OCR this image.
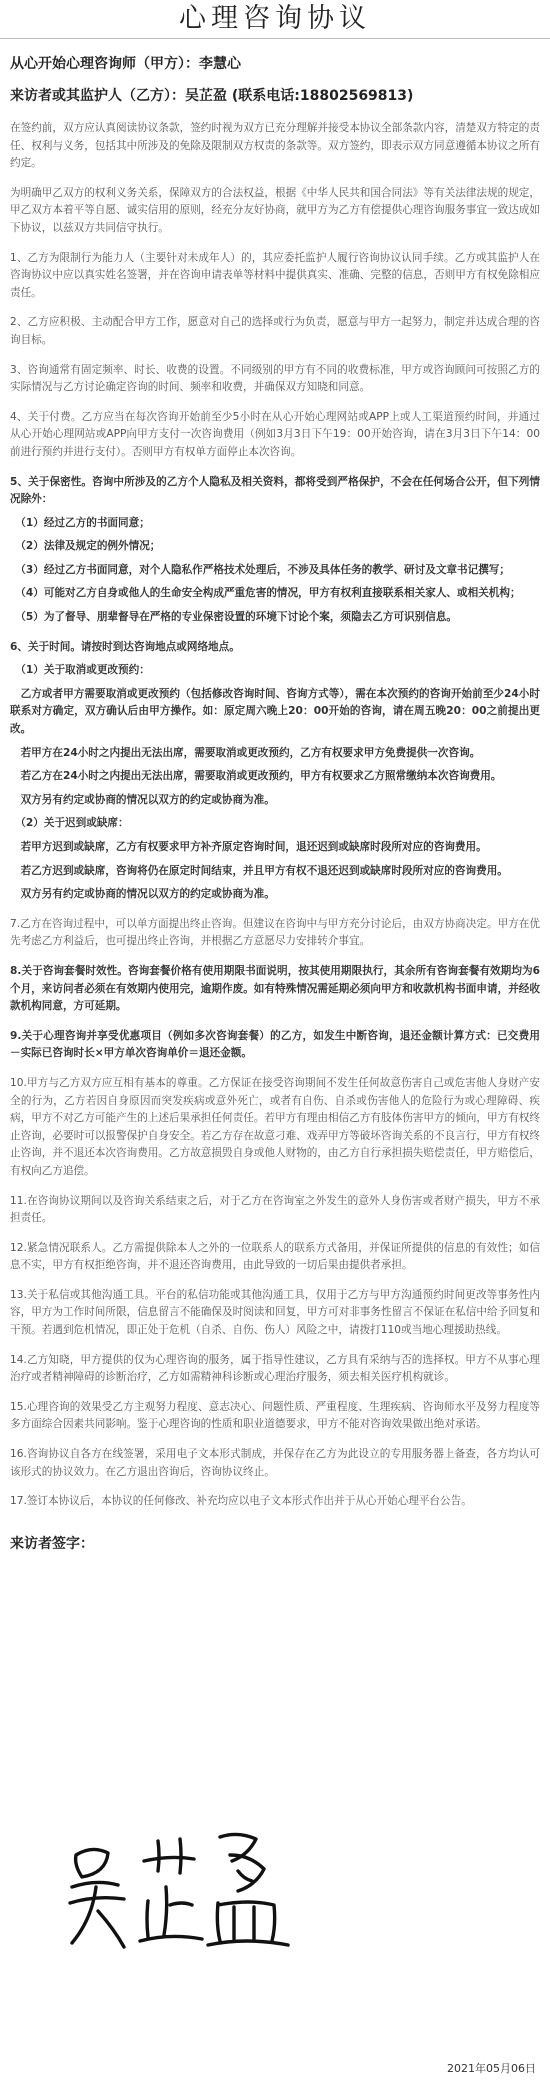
心理咨询协议

从心开始心理咨询师（甲方）：李慧心

来访者或其监护人（乙方）：吴芷盈 (联系电话:18802569813)

在签约前，双方应认真阅读协议条款，签约时视为双方已充分理解并接受本协议全部条款内容，清楚双方特定的责任、权利与义务，包括其中所涉及的免除及限制双方权责的条款等。双方签约，即表示双方同意遵循本协议之所有约定。

为明确甲乙双方的权利义务关系，保障双方的合法权益，根据《中华人民共和国合同法》等有关法律法规的规定，甲乙双方本着平等自愿、诚实信用的原则，经充分友好协商，就甲方为乙方有偿提供心理咨询服务事宜一致达成如下协议，以兹双方共同信守执行。

1、乙方为限制行为能力人（主要针对未成年人）的，其应委托监护人履行咨询协议认同手续。乙方或其监护人在咨询协议中应以真实姓名签署，并在咨询申请表单等材料中提供真实、准确、完整的信息，否则甲方有权免除相应责任。

2、乙方应积极、主动配合甲方工作，愿意对自己的选择或行为负责，愿意与甲方一起努力，制定并达成合理的咨询目标。

3、咨询通常有固定频率、时长、收费的设置。不同级别的甲方有不同的收费标准，甲方或咨询顾问可按照乙方的实际情况与乙方讨论确定咨询的时间、频率和收费，并确保双方知晓和同意。

4、关于付费。乙方应当在每次咨询开始前至少5小时在从心开始心理网站或APP上或人工渠道预约时间，并通过从心开始心理网站或APP向甲方支付一次咨询费用（例如3月3日下午19：00开始咨询，请在3月3日下午14：00前进行预约并进行支付）。否则甲方有权单方面停止本次咨询。

5、关于保密性。咨询中所涉及的乙方个人隐私及相关资料，都将受到严格保护，不会在任何场合公开，但下列情况除外：

　（1）经过乙方的书面同意；

　（2）法律及规定的例外情况；

　（3）经过乙方书面同意，对个人隐私作严格技术处理后，不涉及具体任务的教学、研讨及文章书记撰写；

　（4）可能对乙方自身或他人的生命安全构成严重危害的情况，甲方有权利直接联系相关家人、或相关机构；

　（5）为了督导、朋辈督导在严格的专业保密设置的环境下讨论个案，须隐去乙方可识别信息。

6、关于时间。请按时到达咨询地点或网络地点。

　（1）关于取消或更改预约：

　乙方或者甲方需要取消或更改预约（包括修改咨询时间、咨询方式等），需在本次预约的咨询开始前至少24小时联系对方确定，双方确认后由甲方操作。如：原定周六晚上20：00开始的咨询，请在周五晚20：00之前提出更改。

　若甲方在24小时之内提出无法出席，需要取消或更改预约，乙方有权要求甲方免费提供一次咨询。

　若乙方在24小时之内提出无法出席，需要取消或更改预约，甲方有权要求乙方照常缴纳本次咨询费用。

　双方另有约定或协商的情况以双方的约定或协商为准。

　（2）关于迟到或缺席：

　若甲方迟到或缺席，乙方有权要求甲方补齐原定咨询时间，退还迟到或缺席时段所对应的咨询费用。

　若乙方迟到或缺席，咨询将仍在原定时间结束，并且甲方有权不退还迟到或缺席时段所对应的咨询费用。

　双方另有约定或协商的情况以双方的约定或协商为准。

7.乙方在咨询过程中，可以单方面提出终止咨询。但建议在咨询中与甲方充分讨论后，由双方协商决定。甲方在优先考虑乙方利益后，也可提出终止咨询，并根据乙方意愿尽力安排转介事宜。

8.关于咨询套餐时效性。咨询套餐价格有使用期限书面说明，按其使用期限执行，其余所有咨询套餐有效期均为6个月，来访问者必须在有效期内使用完，逾期作废。如有特殊情况需延期必须向甲方和收款机构书面申请，并经收款机构同意，方可延期。

9.关于心理咨询并享受优惠项目（例如多次咨询套餐）的乙方，如发生中断咨询，退还金额计算方式：已交费用－实际已咨询时长×甲方单次咨询单价＝退还金额。

10.甲方与乙方双方应互相有基本的尊重。乙方保证在接受咨询期间不发生任何故意伤害自己或危害他人身财产安全的行为，乙方若因自身原因而突发疾病或意外死亡，或者有自伤、自杀或伤害他人的危险行为或心理障碍、疾病，甲方不对乙方可能产生的上述后果承担任何责任。若甲方有理由相信乙方有肢体伤害甲方的倾向，甲方有权终止咨询，必要时可以报警保护自身安全。若乙方存在故意刁难、戏弄甲方等破坏咨询关系的不良言行，甲方有权终止咨询，并不退还本次咨询费用。乙方故意损毁自身或他人财物的，由乙方自行承担损失赔偿责任，甲方赔偿后，有权向乙方追偿。

11.在咨询协议期间以及咨询关系结束之后，对于乙方在咨询室之外发生的意外人身伤害或者财产损失，甲方不承担责任。

12.紧急情况联系人。乙方需提供除本人之外的一位联系人的联系方式备用，并保证所提供的信息的有效性；如信息不实，甲方有权拒绝咨询，并不退还咨询费用，由此导致的一切后果由提供者承担。

13.关于私信或其他沟通工具。平台的私信功能或其他沟通工具，仅用于乙方与甲方沟通预约时间更改等事务性内容，甲方为工作时间所限，信息留言不能确保及时阅读和回复，甲方可对非事务性留言不保证在私信中给予回复和干预。若遇到危机情况，即正处于危机（自杀、自伤、伤人）风险之中，请拨打110或当地心理援助热线。

14.乙方知晓，甲方提供的仅为心理咨询的服务，属于指导性建议，乙方具有采纳与否的选择权。甲方不从事心理治疗或者精神障碍的诊断治疗，乙方如需精神科诊断或心理治疗服务，须去相关医疗机构就诊。

15.心理咨询的效果受乙方主观努力程度、意志决心、问题性质、严重程度、生理疾病、咨询师水平及努力程度等多方面综合因素共同影响。鉴于心理咨询的性质和职业道德要求，甲方不能对咨询效果做出绝对承诺。

16.咨询协议自各方在线签署，采用电子文本形式制成，并保存在乙方为此设立的专用服务器上备查，各方均认可该形式的协议效力。在乙方退出咨询后，咨询协议终止。

17.签订本协议后，本协议的任何修改、补充均应以电子文本形式作出并于从心开始心理平台公告。

来访者签字：

2021年05月06日
